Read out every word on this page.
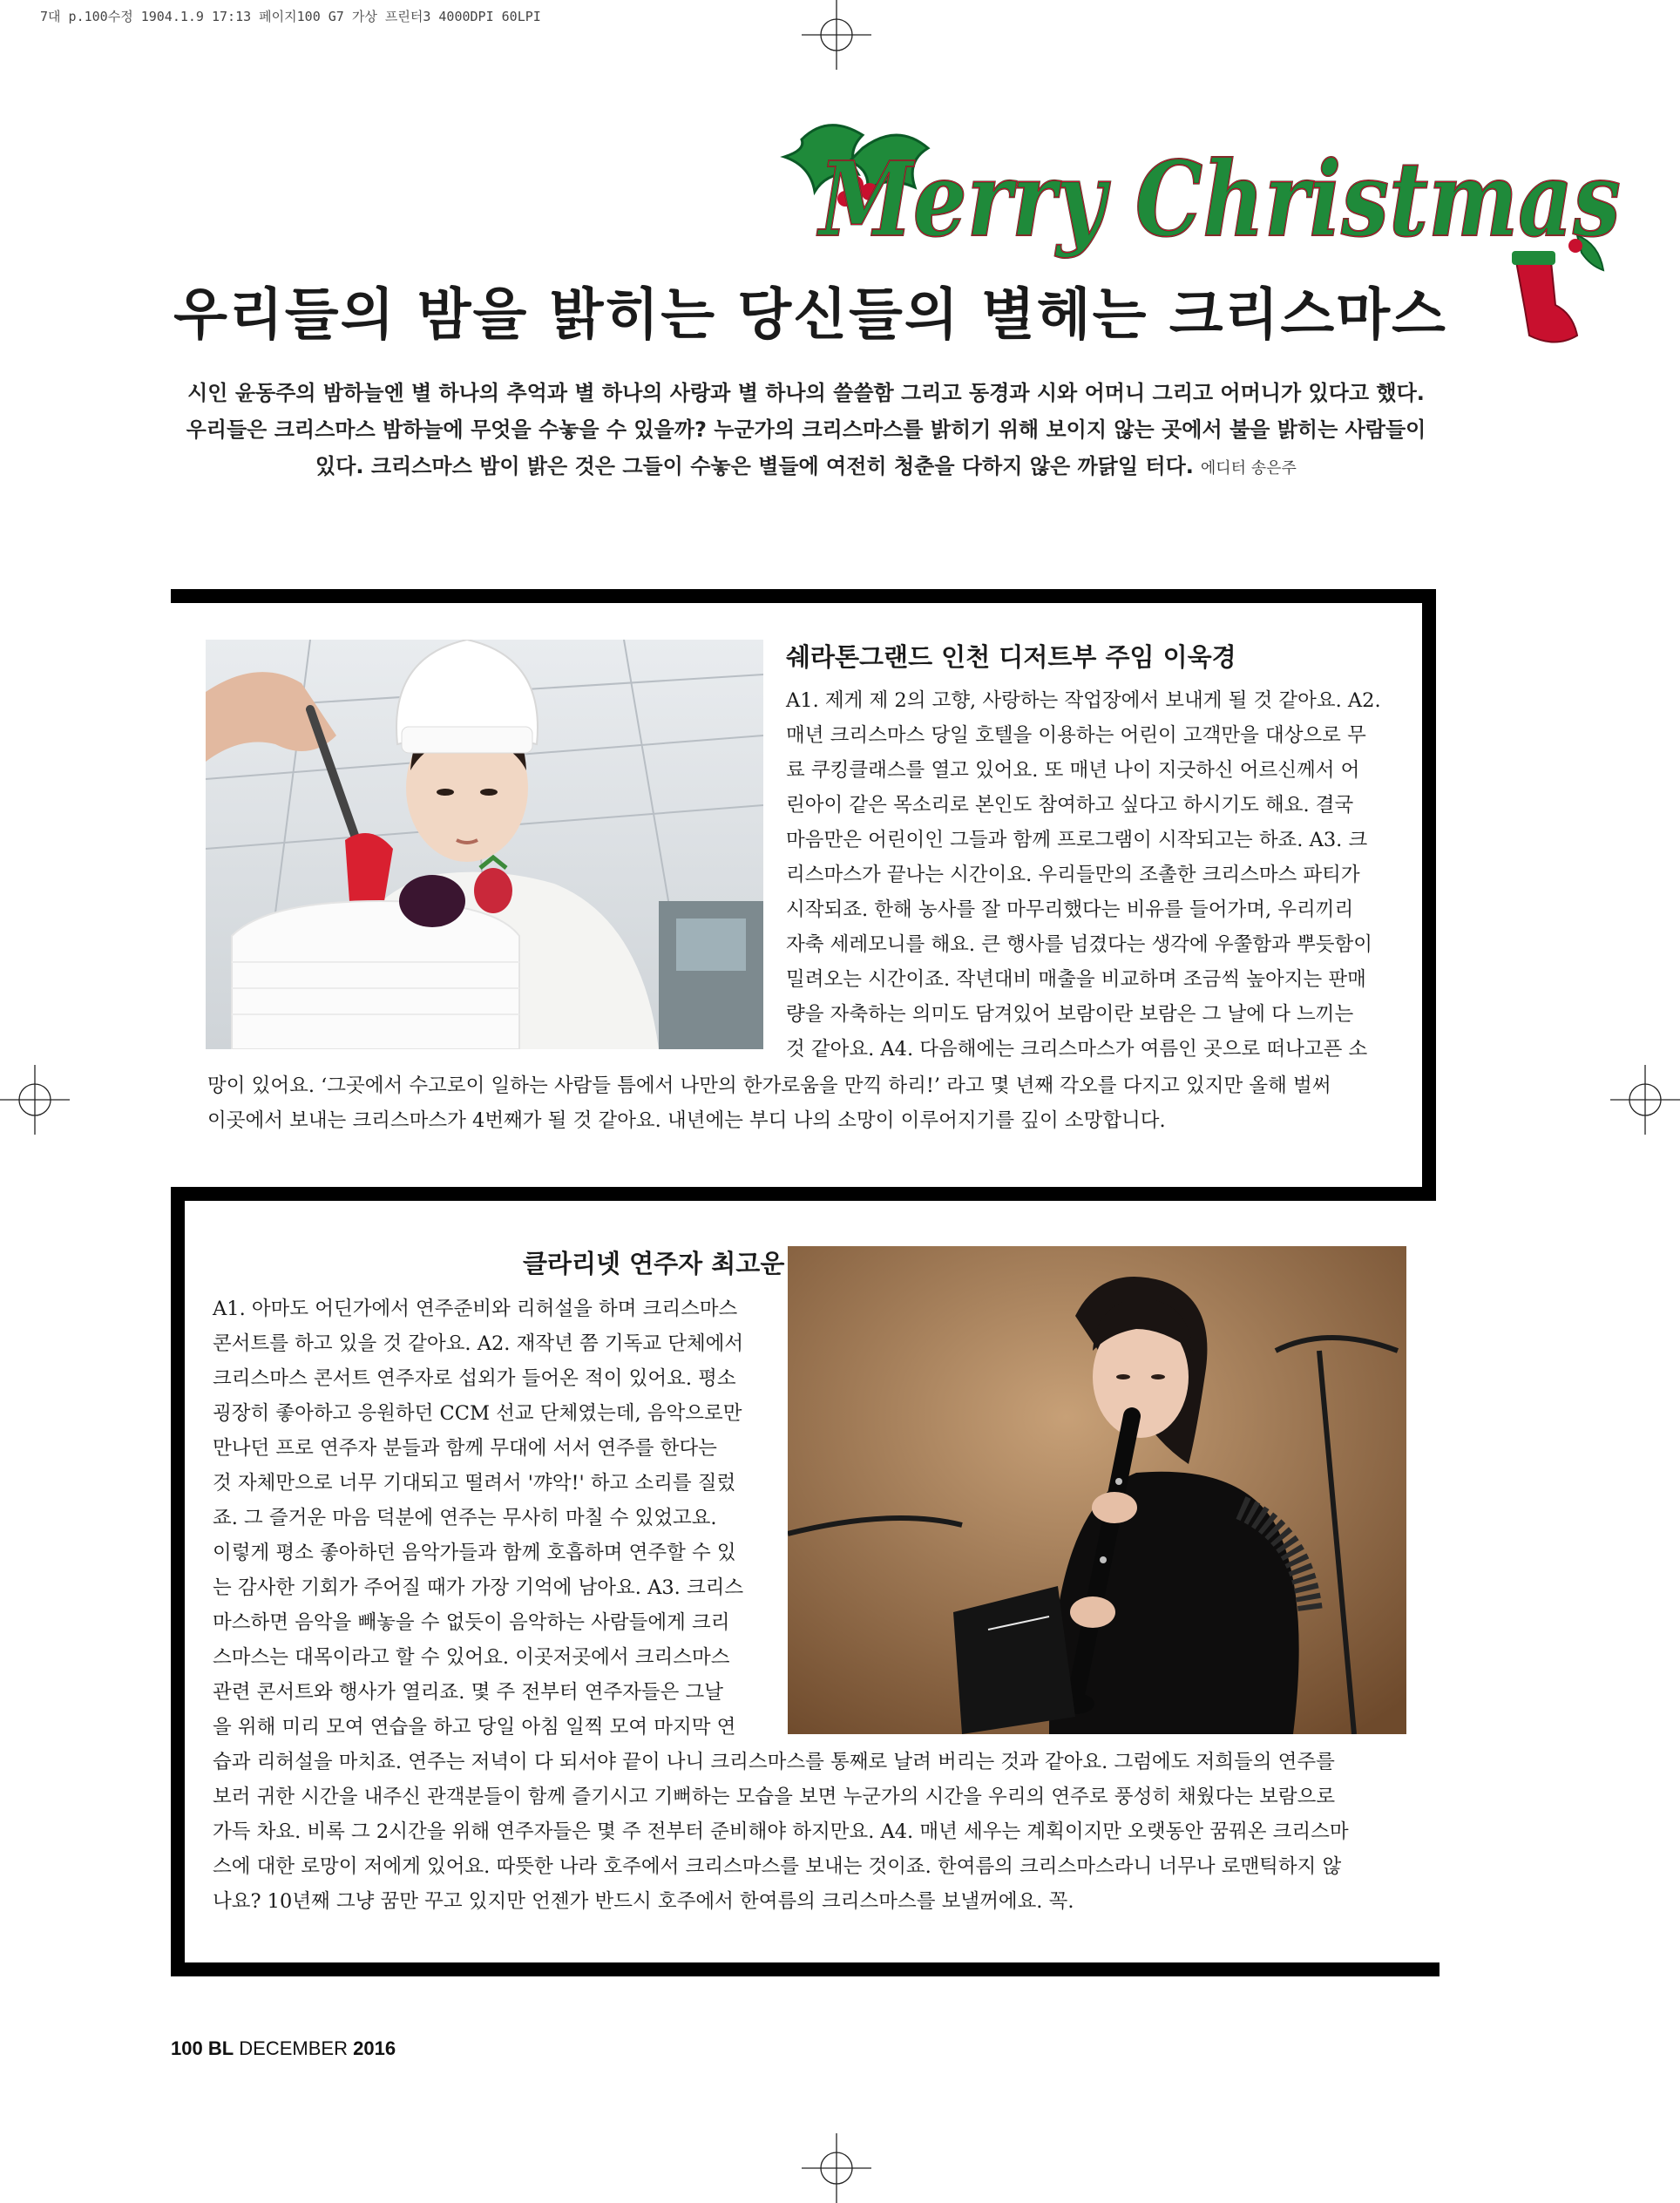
7대 p.100수정 1904.1.9 17:13 페이지100 G7 가상 프린터3 4000DPI 60LPI
Merry Christmas
Merry Christmas
우리들의 밤을 밝히는 당신들의 별헤는 크리스마스
시인 윤동주의 밤하늘엔 별 하나의 추억과 별 하나의 사랑과 별 하나의 쓸쓸함 그리고 동경과 시와 어머니 그리고 어머니가 있다고 했다.
우리들은 크리스마스 밤하늘에 무엇을 수놓을 수 있을까? 누군가의 크리스마스를 밝히기 위해 보이지 않는 곳에서 불을 밝히는 사람들이
있다. 크리스마스 밤이 밝은 것은 그들이 수놓은 별들에 여전히 청춘을 다하지 않은 까닭일 터다. 에디터 송은주
쉐라톤그랜드 인천 디저트부 주임 이욱경
A1. 제게 제 2의 고향, 사랑하는 작업장에서 보내게 될 것 같아요. A2.
매년 크리스마스 당일 호텔을 이용하는 어린이 고객만을 대상으로 무
료 쿠킹클래스를 열고 있어요. 또 매년 나이 지긋하신 어르신께서 어
린아이 같은 목소리로 본인도 참여하고 싶다고 하시기도 해요. 결국
마음만은 어린이인 그들과 함께 프로그램이 시작되고는 하죠. A3. 크
리스마스가 끝나는 시간이요. 우리들만의 조촐한 크리스마스 파티가
시작되죠. 한해 농사를 잘 마무리했다는 비유를 들어가며, 우리끼리
자축 세레모니를 해요. 큰 행사를 넘겼다는 생각에 우쭐함과 뿌듯함이
밀려오는 시간이죠. 작년대비 매출을 비교하며 조금씩 높아지는 판매
량을 자축하는 의미도 담겨있어 보람이란 보람은 그 날에 다 느끼는
것 같아요. A4. 다음해에는 크리스마스가 여름인 곳으로 떠나고픈 소
망이 있어요. ‘그곳에서 수고로이 일하는 사람들 틈에서 나만의 한가로움을 만끽 하리!’ 라고 몇 년째 각오를 다지고 있지만 올해 벌써
이곳에서 보내는 크리스마스가 4번째가 될 것 같아요. 내년에는 부디 나의 소망이 이루어지기를 깊이 소망합니다.
클라리넷 연주자 최고운
A1. 아마도 어딘가에서 연주준비와 리허설을 하며 크리스마스
콘서트를 하고 있을 것 같아요. A2. 재작년 쯤 기독교 단체에서
크리스마스 콘서트 연주자로 섭외가 들어온 적이 있어요. 평소
굉장히 좋아하고 응원하던 CCM 선교 단체였는데, 음악으로만
만나던 프로 연주자 분들과 함께 무대에 서서 연주를 한다는
것 자체만으로 너무 기대되고 떨려서 '꺄악!' 하고 소리를 질렀
죠. 그 즐거운 마음 덕분에 연주는 무사히 마칠 수 있었고요.
이렇게 평소 좋아하던 음악가들과 함께 호흡하며 연주할 수 있
는 감사한 기회가 주어질 때가 가장 기억에 남아요. A3. 크리스
마스하면 음악을 빼놓을 수 없듯이 음악하는 사람들에게 크리
스마스는 대목이라고 할 수 있어요. 이곳저곳에서 크리스마스
관련 콘서트와 행사가 열리죠. 몇 주 전부터 연주자들은 그날
을 위해 미리 모여 연습을 하고 당일 아침 일찍 모여 마지막 연
습과 리허설을 마치죠. 연주는 저녁이 다 되서야 끝이 나니 크리스마스를 통째로 날려 버리는 것과 같아요. 그럼에도 저희들의 연주를
보러 귀한 시간을 내주신 관객분들이 함께 즐기시고 기뻐하는 모습을 보면 누군가의 시간을 우리의 연주로 풍성히 채웠다는 보람으로
가득 차요. 비록 그 2시간을 위해 연주자들은 몇 주 전부터 준비해야 하지만요. A4. 매년 세우는 계획이지만 오랫동안 꿈꿔온 크리스마
스에 대한 로망이 저에게 있어요. 따뜻한 나라 호주에서 크리스마스를 보내는 것이죠. 한여름의 크리스마스라니 너무나 로맨틱하지 않
나요? 10년째 그냥 꿈만 꾸고 있지만 언젠가 반드시 호주에서 한여름의 크리스마스를 보낼꺼에요. 꼭.
100 BL DECEMBER 2016
